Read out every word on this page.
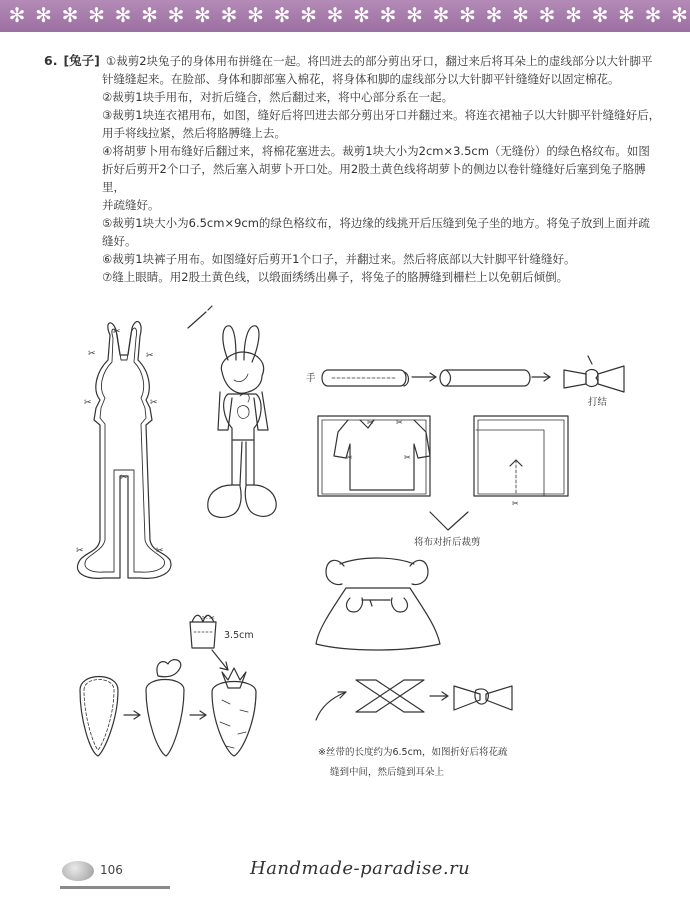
✻ ✻ ✻ ✻ ✻ ✻ ✻ ✻ ✻ ✻ ✻ ✻ ✻ ✻ ✻ ✻ ✻ ✻ ✻ ✻ ✻ ✻ ✻ ✻ ✻ ✻
6. [兔子] ①裁剪2块兔子的身体用布拼缝在一起。将凹进去的部分剪出牙口，翻过来后将耳朵上的虚线部分以大针脚平

针缝缝起来。在脸部、身体和脚部塞入棉花，将身体和脚的虚线部分以大针脚平针缝缝好以固定棉花。
②裁剪1块手用布，对折后缝合，然后翻过来，将中心部分系在一起。
③裁剪1块连衣裙用布，如图，缝好后将凹进去部分剪出牙口并翻过来。将连衣裙袖子以大针脚平针缝缝好后，
用手将线拉紧，然后将胳膊缝上去。
④将胡萝卜用布缝好后翻过来，将棉花塞进去。裁剪1块大小为2cm×3.5cm（无缝份）的绿色格纹布。如图
折好后剪开2个口子，然后塞入胡萝卜开口处。用2股土黄色线将胡萝卜的侧边以卷针缝缝好后塞到兔子胳膊里，
并疏缝好。
⑤裁剪1块大小为6.5cm×9cm的绿色格纹布，将边缘的线挑开后压缝到兔子坐的地方。将兔子放到上面并疏
缝好。
⑥裁剪1块裤子用布。如图缝好后剪开1个口子，并翻过来。然后将底部以大针脚平针缝缝好。
⑦缝上眼睛。用2股土黄色线，以缎面绣绣出鼻子，将兔子的胳膊缝到栅栏上以免朝后倾倒。
✂
✂	✂
✂	✂
✂
✂	✂
✂	✂
✂	✂
✂
✂ ✂
手
打结
将布对折后裁剪
3.5cm
※丝带的长度约为6.5cm，如图折好后将花疏
缝到中间，然后缝到耳朵上
106	Handmade-paradise.ru
